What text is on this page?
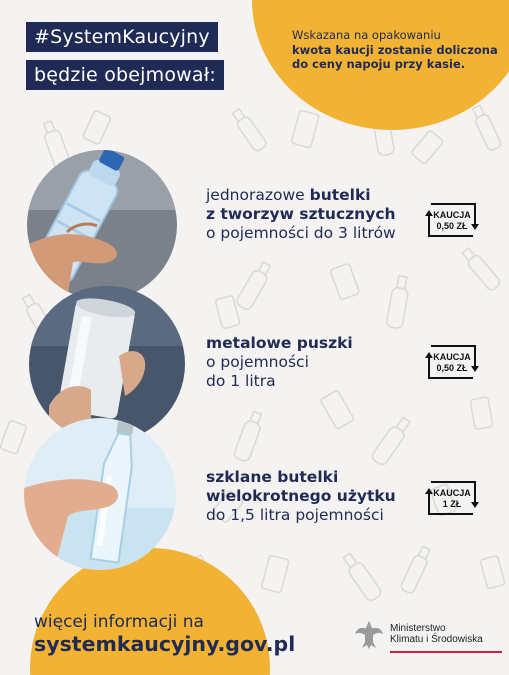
#SystemKaucyjny
będzie obejmował:
Wskazana na opakowaniu
kwota kaucji zostanie doliczona do ceny napoju przy kasie.
jednorazowe butelki
z tworzyw sztucznych
o pojemności do 3 litrów
metalowe puszki
o pojemności
do 1 litra
szklane butelki
wielokrotnego użytku
do 1,5 litra pojemności
KAUCJA
0,50 ZŁ
KAUCJA
0,50 ZŁ
KAUCJA
1 ZŁ
więcej informacji na
systemkaucyjny.gov.pl
Ministerstwo
Klimatu i Środowiska
